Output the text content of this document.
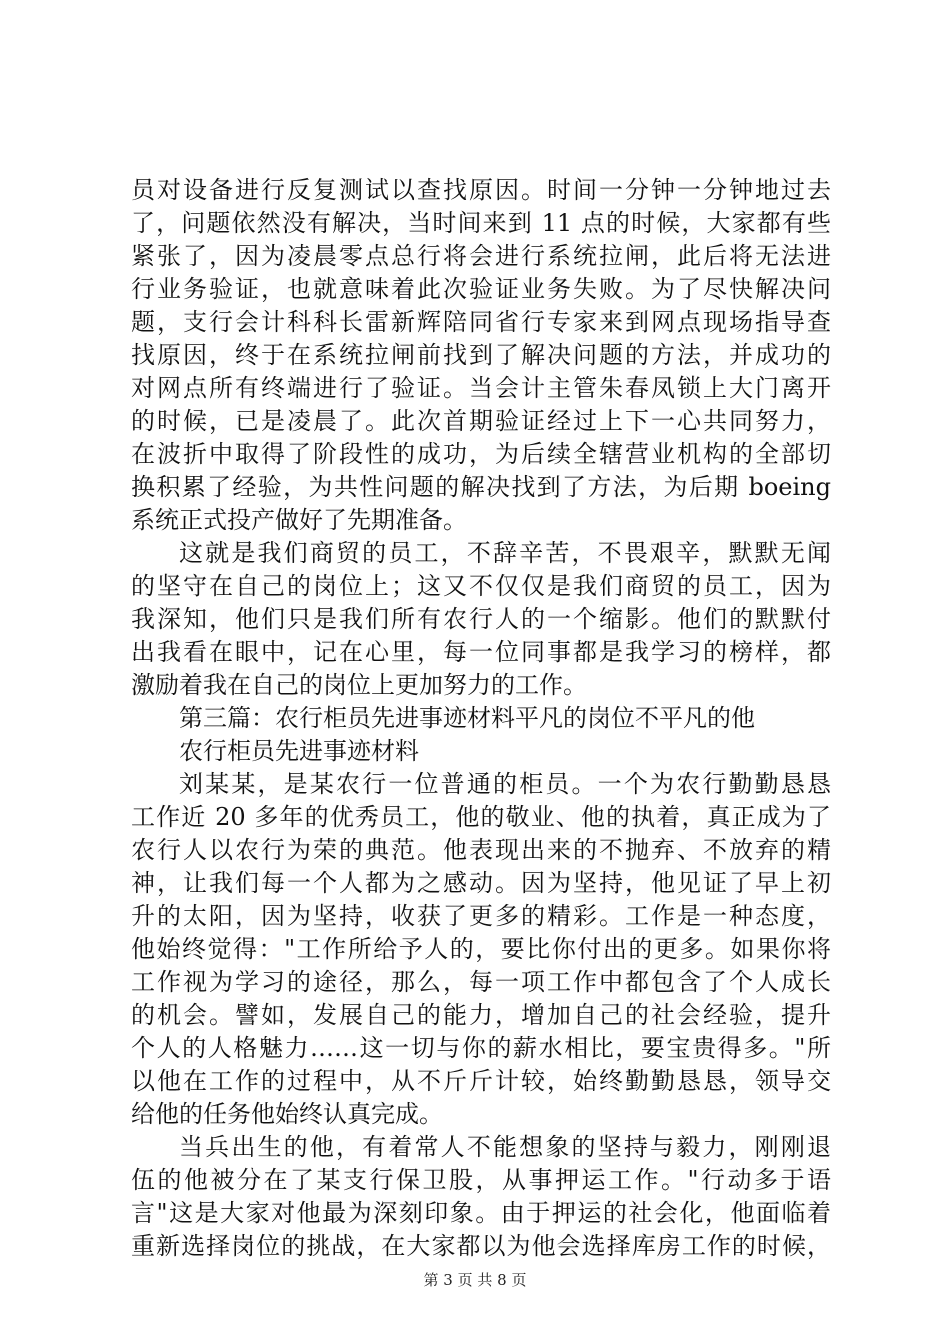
员对设备进行反复测试以查找原因。时间一分钟一分钟地过去
了，问题依然没有解决，当时间来到 11 点的时候，大家都有些
紧张了，因为凌晨零点总行将会进行系统拉闸，此后将无法进
行业务验证，也就意味着此次验证业务失败。为了尽快解决问
题，支行会计科科长雷新辉陪同省行专家来到网点现场指导查
找原因，终于在系统拉闸前找到了解决问题的方法，并成功的
对网点所有终端进行了验证。当会计主管朱春凤锁上大门离开
的时候，已是凌晨了。此次首期验证经过上下一心共同努力，
在波折中取得了阶段性的成功，为后续全辖营业机构的全部切
换积累了经验，为共性问题的解决找到了方法，为后期 boeing
系统正式投产做好了先期准备。
这就是我们商贸的员工，不辞辛苦，不畏艰辛，默默无闻
的坚守在自己的岗位上；这又不仅仅是我们商贸的员工，因为
我深知，他们只是我们所有农行人的一个缩影。他们的默默付
出我看在眼中，记在心里，每一位同事都是我学习的榜样，都
激励着我在自己的岗位上更加努力的工作。
第三篇：农行柜员先进事迹材料平凡的岗位不平凡的他
农行柜员先进事迹材料
刘某某，是某农行一位普通的柜员。一个为农行勤勤恳恳
工作近 20 多年的优秀员工，他的敬业、他的执着，真正成为了
农行人以农行为荣的典范。他表现出来的不抛弃、不放弃的精
神，让我们每一个人都为之感动。因为坚持，他见证了早上初
升的太阳，因为坚持，收获了更多的精彩。工作是一种态度，
他始终觉得："工作所给予人的，要比你付出的更多。如果你将
工作视为学习的途径，那么，每一项工作中都包含了个人成长
的机会。譬如，发展自己的能力，增加自己的社会经验，提升
个人的人格魅力……这一切与你的薪水相比，要宝贵得多。"所
以他在工作的过程中，从不斤斤计较，始终勤勤恳恳，领导交
给他的任务他始终认真完成。
当兵出生的他，有着常人不能想象的坚持与毅力，刚刚退
伍的他被分在了某支行保卫股，从事押运工作。"行动多于语
言"这是大家对他最为深刻印象。由于押运的社会化，他面临着
重新选择岗位的挑战，在大家都以为他会选择库房工作的时候，
第 3 页 共 8 页
